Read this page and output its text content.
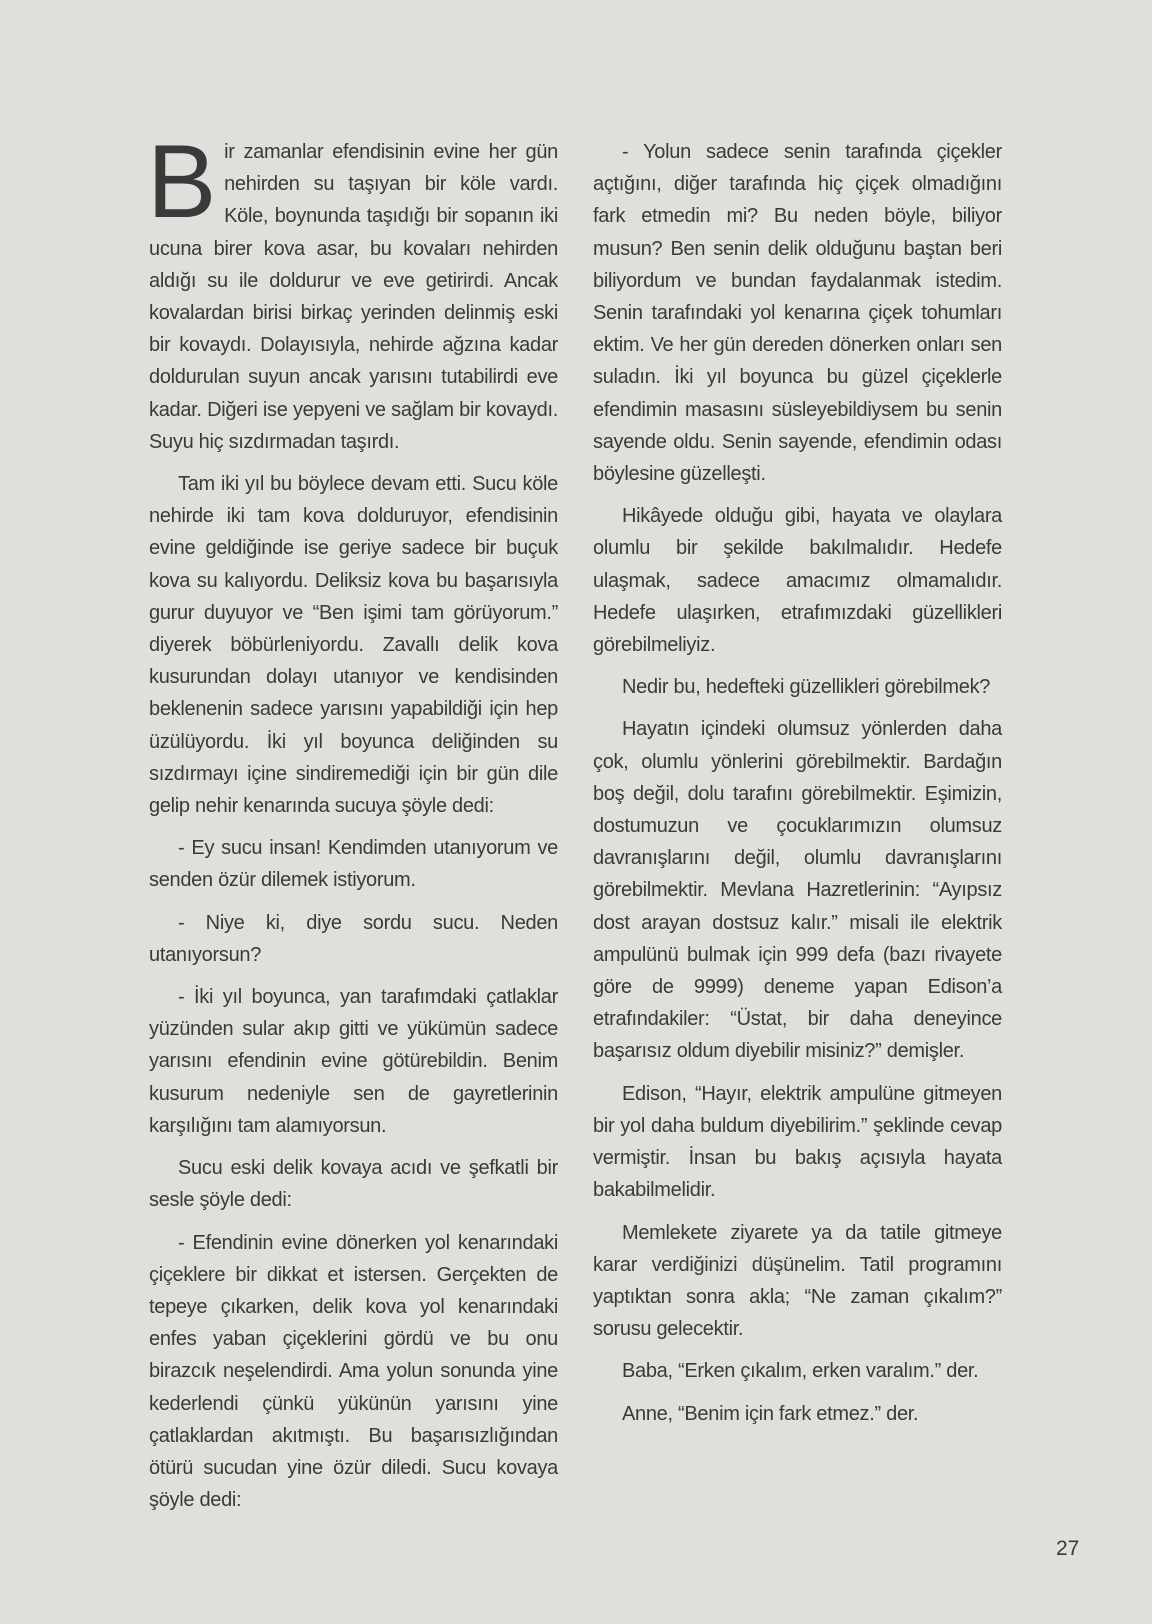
Bir zamanlar efendisinin evine her gün nehirden su taşıyan bir köle vardı. Köle, boynunda taşıdığı bir sopanın iki ucuna birer kova asar, bu kovaları nehirden aldığı su ile doldurur ve eve getirirdi. Ancak kovalardan birisi birkaç yerinden delinmiş eski bir kovaydı. Dolayısıyla, nehirde ağzına kadar doldurulan suyun ancak yarısını tutabilirdi eve kadar. Diğeri ise yepyeni ve sağlam bir kovaydı. Suyu hiç sızdırmadan taşırdı.

Tam iki yıl bu böylece devam etti. Sucu köle nehirde iki tam kova dolduruyor, efendisinin evine geldiğinde ise geriye sadece bir buçuk kova su kalıyordu. Deliksiz kova bu başarısıyla gurur duyuyor ve “Ben işimi tam görüyorum.” diyerek böbürleniyordu. Zavallı delik kova kusurundan dolayı utanıyor ve kendisinden beklenenin sadece yarısını yapabildiği için hep üzülüyordu. İki yıl boyunca deliğinden su sızdırmayı içine sindiremediği için bir gün dile gelip nehir kenarında sucuya şöyle dedi:

- Ey sucu insan! Kendimden utanıyorum ve senden özür dilemek istiyorum.

- Niye ki, diye sordu sucu. Neden utanıyorsun?

- İki yıl boyunca, yan tarafımdaki çatlaklar yüzünden sular akıp gitti ve yükümün sadece yarısını efendinin evine götürebildin. Benim kusurum nedeniyle sen de gayretlerinin karşılığını tam alamıyorsun.

Sucu eski delik kovaya acıdı ve şefkatli bir sesle şöyle dedi:

- Efendinin evine dönerken yol kenarındaki çiçeklere bir dikkat et istersen. Gerçekten de tepeye çıkarken, delik kova yol kenarındaki enfes yaban çiçeklerini gördü ve bu onu birazcık neşelendirdi. Ama yolun sonunda yine kederlendi çünkü yükünün yarısını yine çatlaklardan akıtmıştı. Bu başarısızlığından ötürü sucudan yine özür diledi. Sucu kovaya şöyle dedi:

- Yolun sadece senin tarafında çiçekler açtığını, diğer tarafında hiç çiçek olmadığını fark etmedin mi? Bu neden böyle, biliyor musun? Ben senin delik olduğunu baştan beri biliyordum ve bundan faydalanmak istedim. Senin tarafındaki yol kenarına çiçek tohumları ektim. Ve her gün dereden dönerken onları sen suladın. İki yıl boyunca bu güzel çiçeklerle efendimin masasını süsleyebildiysem bu senin sayende oldu. Senin sayende, efendimin odası böylesine güzelleşti.

Hikâyede olduğu gibi, hayata ve olaylara olumlu bir şekilde bakılmalıdır. Hedefe ulaşmak, sadece amacımız olmamalıdır. Hedefe ulaşırken, etrafımızdaki güzellikleri görebilmeliyiz.

Nedir bu, hedefteki güzellikleri görebilmek?

Hayatın içindeki olumsuz yönlerden daha çok, olumlu yönlerini görebilmektir. Bardağın boş değil, dolu tarafını görebilmektir. Eşimizin, dostumuzun ve çocuklarımızın olumsuz davranışlarını değil, olumlu davranışlarını görebilmektir. Mevlana Hazretlerinin: “Ayıpsız dost arayan dostsuz kalır.” misali ile elektrik ampulünü bulmak için 999 defa (bazı rivayete göre de 9999) deneme yapan Edison’a etrafındakiler: “Üstat, bir daha deneyince başarısız oldum diyebilir misiniz?” demişler.

Edison, “Hayır, elektrik ampulüne gitmeyen bir yol daha buldum diyebilirim.” şeklinde cevap vermiştir. İnsan bu bakış açısıyla hayata bakabilmelidir.

Memlekete ziyarete ya da tatile gitmeye karar verdiğinizi düşünelim. Tatil programını yaptıktan sonra akla; “Ne zaman çıkalım?” sorusu gelecektir.

Baba, “Erken çıkalım, erken varalım.” der.

Anne, “Benim için fark etmez.” der.

27
